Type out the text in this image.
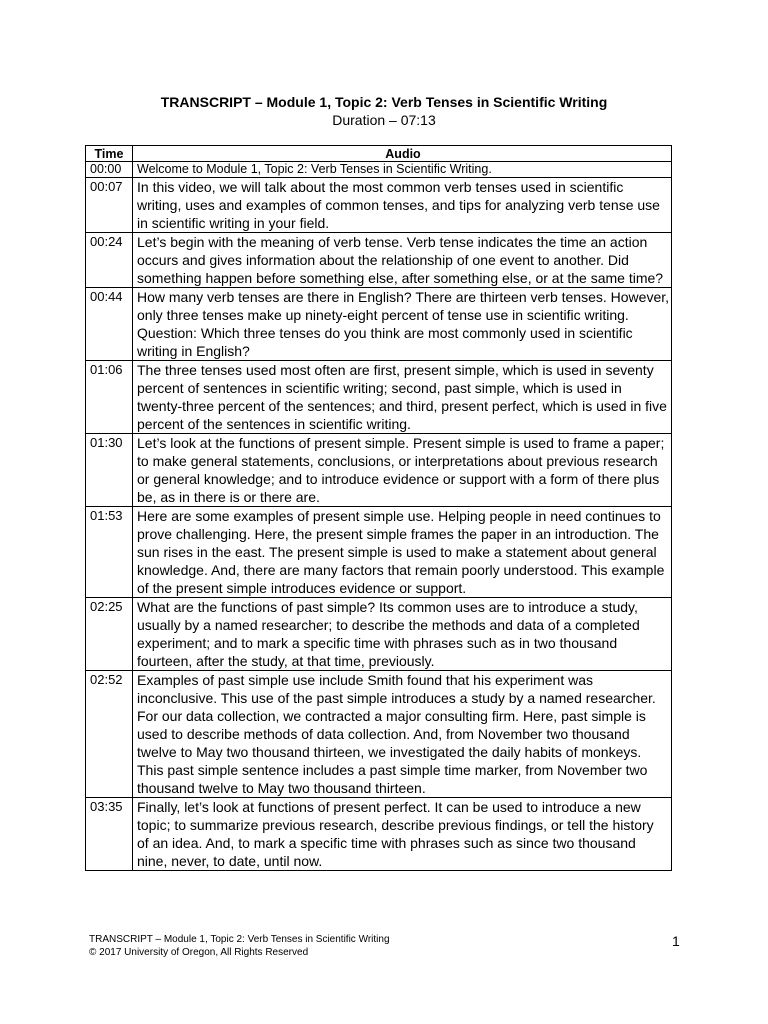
TRANSCRIPT – Module 1, Topic 2: Verb Tenses in Scientific Writing
Duration – 07:13
Time	Audio
00:00	Welcome to Module 1, Topic 2: Verb Tenses in Scientific Writing.
00:07	In this video, we will talk about the most common verb tenses used in scientific writing, uses and examples of common tenses, and tips for analyzing verb tense use in scientific writing in your field.
00:24	Let’s begin with the meaning of verb tense. Verb tense indicates the time an action occurs and gives information about the relationship of one event to another. Did something happen before something else, after something else, or at the same time?
00:44	How many verb tenses are there in English? There are thirteen verb tenses. However, only three tenses make up ninety-eight percent of tense use in scientific writing. Question: Which three tenses do you think are most commonly used in scientific writing in English?
01:06	The three tenses used most often are first, present simple, which is used in seventy percent of sentences in scientific writing; second, past simple, which is used in twenty-three percent of the sentences; and third, present perfect, which is used in five percent of the sentences in scientific writing.
01:30	Let’s look at the functions of present simple. Present simple is used to frame a paper; to make general statements, conclusions, or interpretations about previous research or general knowledge; and to introduce evidence or support with a form of there plus be, as in there is or there are.
01:53	Here are some examples of present simple use. Helping people in need continues to prove challenging. Here, the present simple frames the paper in an introduction. The sun rises in the east. The present simple is used to make a statement about general knowledge. And, there are many factors that remain poorly understood. This example of the present simple introduces evidence or support.
02:25	What are the functions of past simple? Its common uses are to introduce a study, usually by a named researcher; to describe the methods and data of a completed experiment; and to mark a specific time with phrases such as in two thousand fourteen, after the study, at that time, previously.
02:52	Examples of past simple use include Smith found that his experiment was inconclusive. This use of the past simple introduces a study by a named researcher. For our data collection, we contracted a major consulting firm. Here, past simple is used to describe methods of data collection. And, from November two thousand twelve to May two thousand thirteen, we investigated the daily habits of monkeys. This past simple sentence includes a past simple time marker, from November two thousand twelve to May two thousand thirteen.
03:35	Finally, let’s look at functions of present perfect. It can be used to introduce a new topic; to summarize previous research, describe previous findings, or tell the history of an idea. And, to mark a specific time with phrases such as since two thousand nine, never, to date, until now.
TRANSCRIPT – Module 1, Topic 2: Verb Tenses in Scientific Writing
© 2017 University of Oregon, All Rights Reserved
1
